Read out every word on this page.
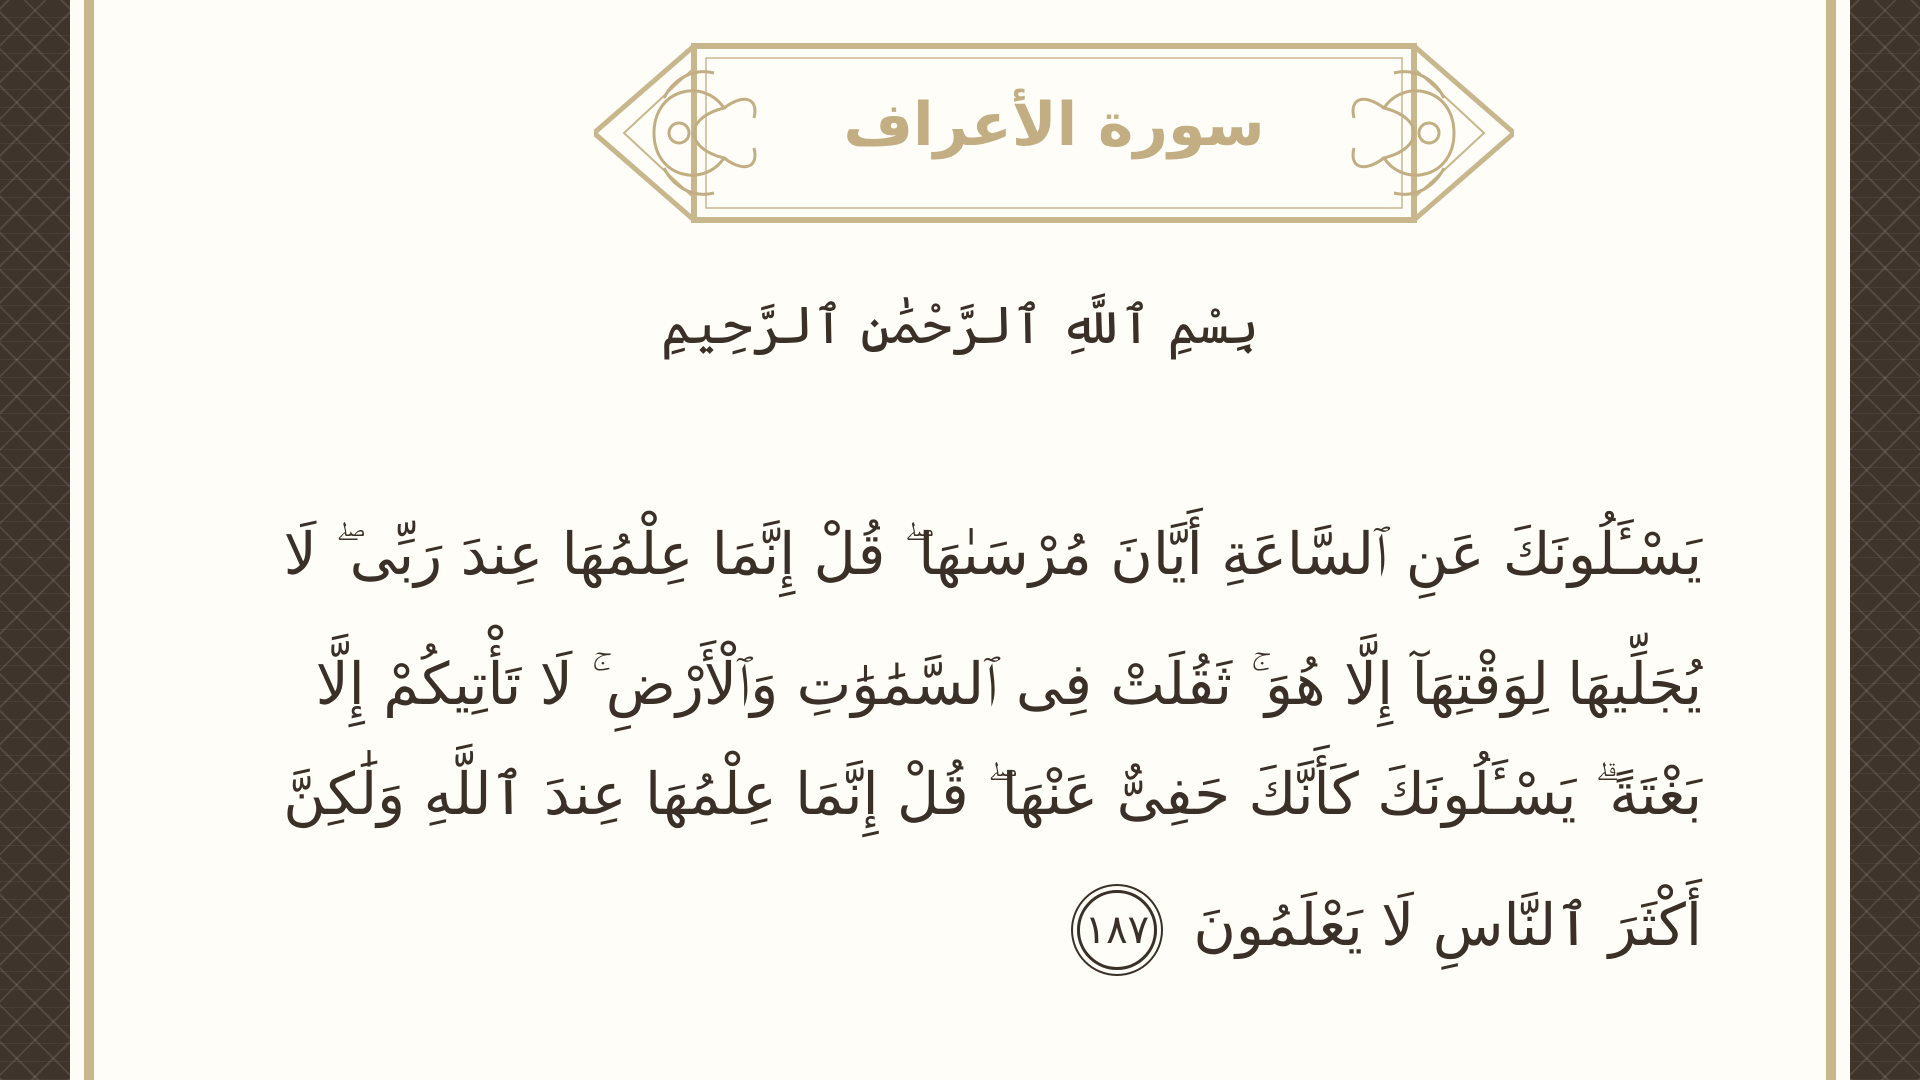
سورة الأعراف
بِسْمِ ٱللَّهِ ٱلرَّحْمَٰنِ ٱلرَّحِيمِ
يَسْـَٔلُونَكَ عَنِ ٱلسَّاعَةِ أَيَّانَ مُرْسَىٰهَا ۖ قُلْ إِنَّمَا عِلْمُهَا عِندَ رَبِّى ۖ لَا
يُجَلِّيهَا لِوَقْتِهَآ إِلَّا هُوَ ۚ ثَقُلَتْ فِى ٱلسَّمَٰوَٰتِ وَٱلْأَرْضِ ۚ لَا تَأْتِيكُمْ إِلَّا
بَغْتَةً ۗ يَسْـَٔلُونَكَ كَأَنَّكَ حَفِىٌّ عَنْهَا ۖ قُلْ إِنَّمَا عِلْمُهَا عِندَ ٱللَّهِ وَلَٰكِنَّ
أَكْثَرَ ٱلنَّاسِ لَا يَعْلَمُونَ ١٨٧
